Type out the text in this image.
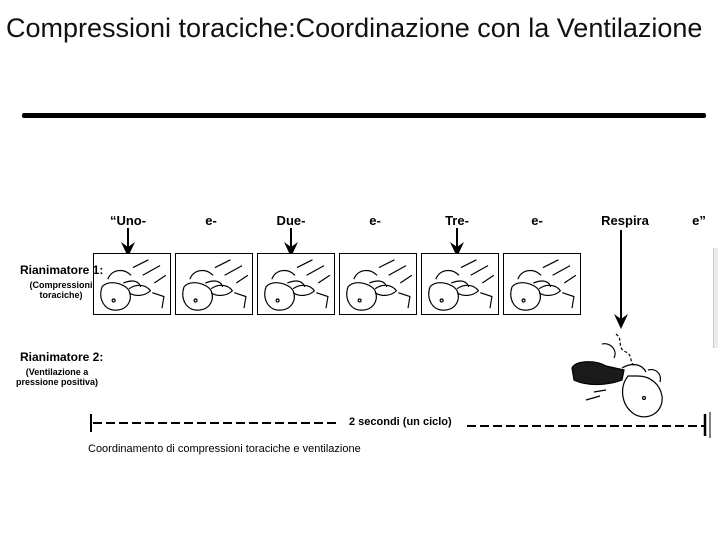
Compressioni toraciche:Coordinazione con la Ventilazione
“Uno-	e-	Due-	e-	Tre-	e-	Respira	e”
Rianimatore 1:
(Compressioni toraciche)
Rianimatore 2:
(Ventilazione a pressione positiva)
2 secondi (un ciclo)
Coordinamento di compressioni toraciche e ventilazione
